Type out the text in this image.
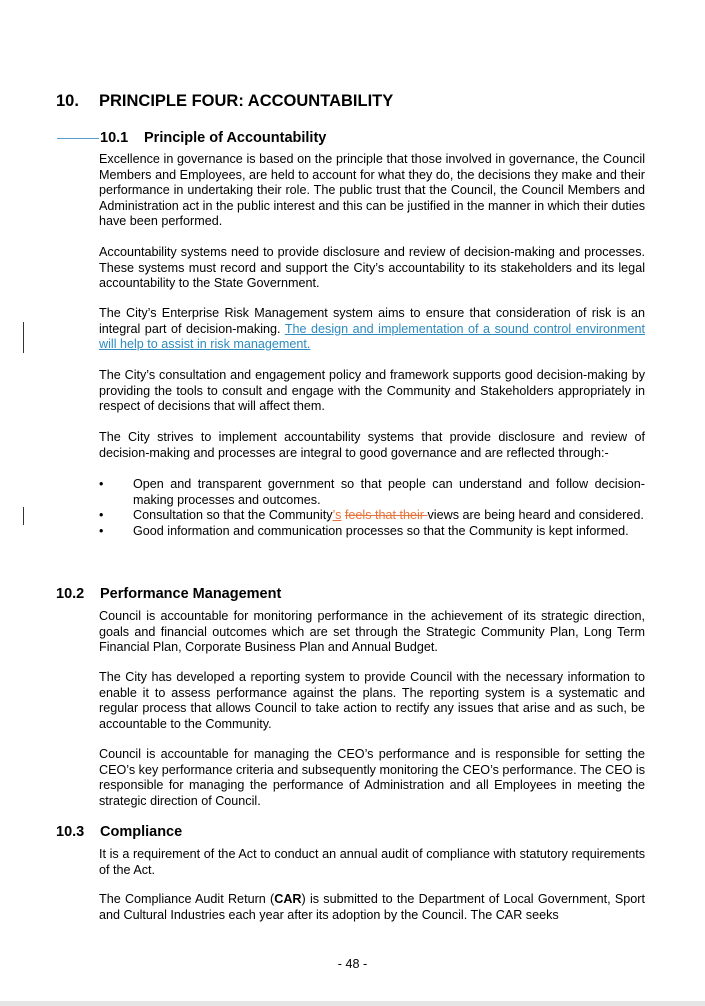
10. PRINCIPLE FOUR: ACCOUNTABILITY
10.1 Principle of Accountability

Excellence in governance is based on the principle that those involved in governance, the Council Members and Employees, are held to account for what they do, the decisions they make and their performance in undertaking their role. The public trust that the Council, the Council Members and Administration act in the public interest and this can be justified in the manner in which their duties have been performed.

Accountability systems need to provide disclosure and review of decision-making and processes. These systems must record and support the City’s accountability to its stakeholders and its legal accountability to the State Government.

The City’s Enterprise Risk Management system aims to ensure that consideration of risk is an integral part of decision-making. The design and implementation of a sound control environment will help to assist in risk management.

The City’s consultation and engagement policy and framework supports good decision-making by providing the tools to consult and engage with the Community and Stakeholders appropriately in respect of decisions that will affect them.

The City strives to implement accountability systems that provide disclosure and review of decision-making and processes are integral to good governance and are reflected through:-

• Open and transparent government so that people can understand and follow decision-making processes and outcomes.
• Consultation so that the Community’s feels that their views are being heard and considered.
• Good information and communication processes so that the Community is kept informed.
10.2 Performance Management

Council is accountable for monitoring performance in the achievement of its strategic direction, goals and financial outcomes which are set through the Strategic Community Plan, Long Term Financial Plan, Corporate Business Plan and Annual Budget.

The City has developed a reporting system to provide Council with the necessary information to enable it to assess performance against the plans. The reporting system is a systematic and regular process that allows Council to take action to rectify any issues that arise and as such, be accountable to the Community.

Council is accountable for managing the CEO’s performance and is responsible for setting the CEO’s key performance criteria and subsequently monitoring the CEO’s performance. The CEO is responsible for managing the performance of Administration and all Employees in meeting the strategic direction of Council.

10.3 Compliance

It is a requirement of the Act to conduct an annual audit of compliance with statutory requirements of the Act.

The Compliance Audit Return (CAR) is submitted to the Department of Local Government, Sport and Cultural Industries each year after its adoption by the Council. The CAR seeks

- 48 -
